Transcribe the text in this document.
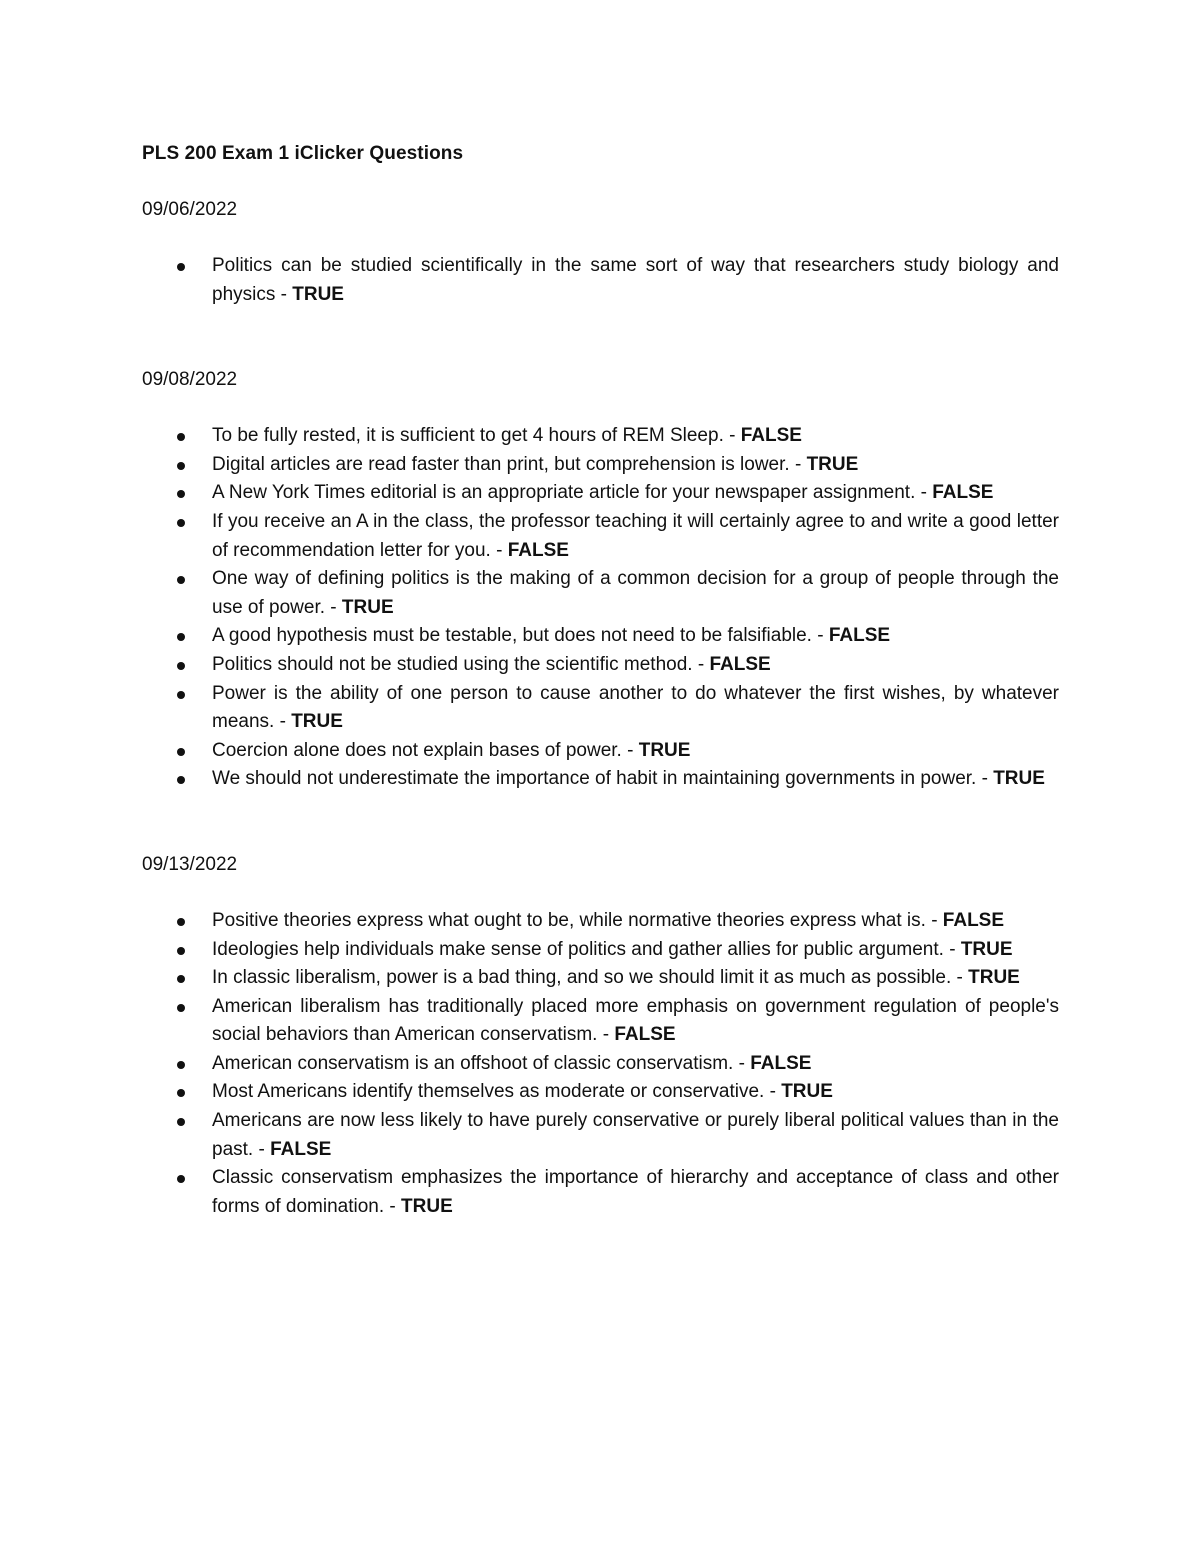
PLS 200 Exam 1 iClicker Questions

09/06/2022

Politics can be studied scientifically in the same sort of way that researchers study biology and physics - TRUE

09/08/2022

To be fully rested, it is sufficient to get 4 hours of REM Sleep. - FALSE
Digital articles are read faster than print, but comprehension is lower. - TRUE
A New York Times editorial is an appropriate article for your newspaper assignment. - FALSE
If you receive an A in the class, the professor teaching it will certainly agree to and write a good letter of recommendation letter for you. - FALSE
One way of defining politics is the making of a common decision for a group of people through the use of power. - TRUE
A good hypothesis must be testable, but does not need to be falsifiable. - FALSE
Politics should not be studied using the scientific method. - FALSE
Power is the ability of one person to cause another to do whatever the first wishes, by whatever means. - TRUE
Coercion alone does not explain bases of power. - TRUE
We should not underestimate the importance of habit in maintaining governments in power. - TRUE

09/13/2022

Positive theories express what ought to be, while normative theories express what is. - FALSE
Ideologies help individuals make sense of politics and gather allies for public argument. - TRUE
In classic liberalism, power is a bad thing, and so we should limit it as much as possible. - TRUE
American liberalism has traditionally placed more emphasis on government regulation of people's social behaviors than American conservatism. - FALSE
American conservatism is an offshoot of classic conservatism. - FALSE
Most Americans identify themselves as moderate or conservative. - TRUE
Americans are now less likely to have purely conservative or purely liberal political values than in the past. - FALSE
Classic conservatism emphasizes the importance of hierarchy and acceptance of class and other forms of domination. - TRUE
